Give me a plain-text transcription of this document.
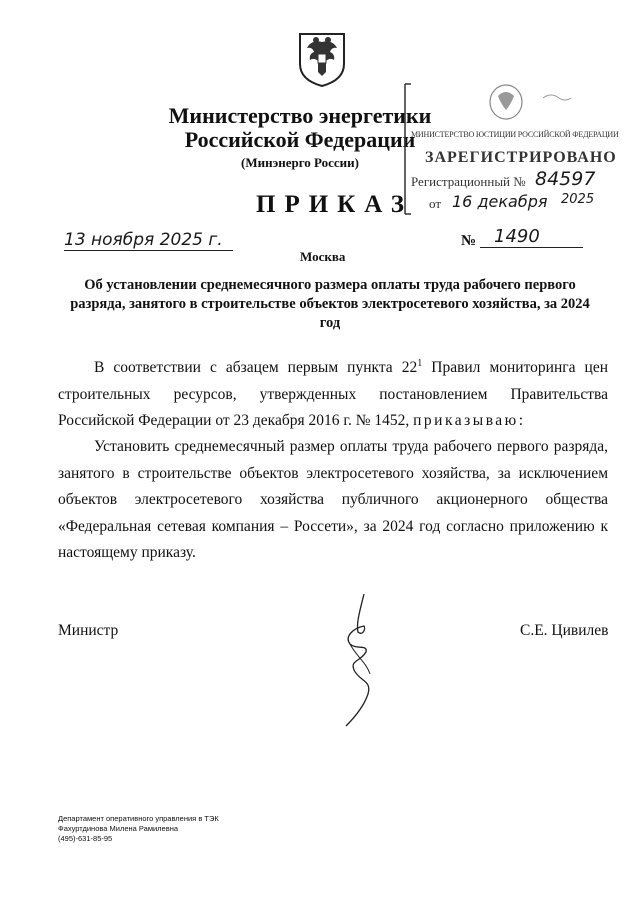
Министерство энергетики
Российской Федерации
(Минэнерго России)
ПРИКАЗ
МИНИСТЕРСТВО ЮСТИЦИИ РОССИЙСКОЙ ФЕДЕРАЦИИ
ЗАРЕГИСТРИРОВАНО
Регистрационный № 84597
от 16 декабря 2025
13 ноября 2025 г.
Москва
№ 1490
Об установлении среднемесячного размера оплаты труда рабочего первого разряда, занятого в строительстве объектов электросетевого хозяйства, за 2024 год
В соответствии с абзацем первым пункта $22^1$ Правил мониторинга цен строительных ресурсов, утвержденных постановлением Правительства Российской Федерации от 23 декабря 2016 г. № 1452, приказываю:
Установить среднемесячный размер оплаты труда рабочего первого разряда, занятого в строительстве объектов электросетевого хозяйства, за исключением объектов электросетевого хозяйства публичного акционерного общества «Федеральная сетевая компания – Россети», за 2024 год согласно приложению к настоящему приказу.
Министр	С.Е. Цивилев
Департамент оперативного управления в ТЭК
Фахуртдинова Милена Рамилевна
(495)-631-85-95
